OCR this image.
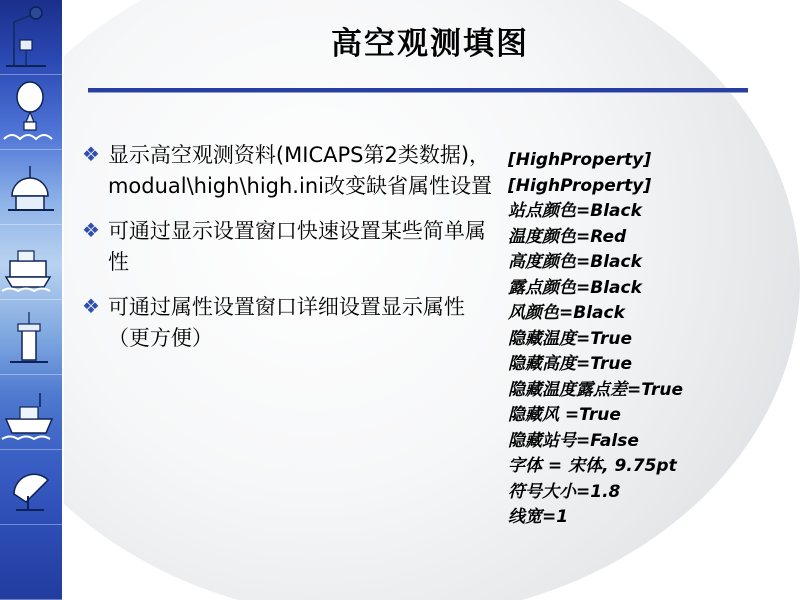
高空观测填图
❖ 显示高空观测资料(MICAPS第2类数据)，modual\high\high.ini改变缺省属性设置
❖ 可通过显示设置窗口快速设置某些简单属性
❖ 可通过属性设置窗口详细设置显示属性（更方便）
[HighProperty]
[HighProperty]
站点颜色=Black
温度颜色=Red
高度颜色=Black
露点颜色=Black
风颜色=Black
隐藏温度=True
隐藏高度=True
隐藏温度露点差=True
隐藏风 =True
隐藏站号=False
字体 = 宋体, 9.75pt
符号大小=1.8
线宽=1
